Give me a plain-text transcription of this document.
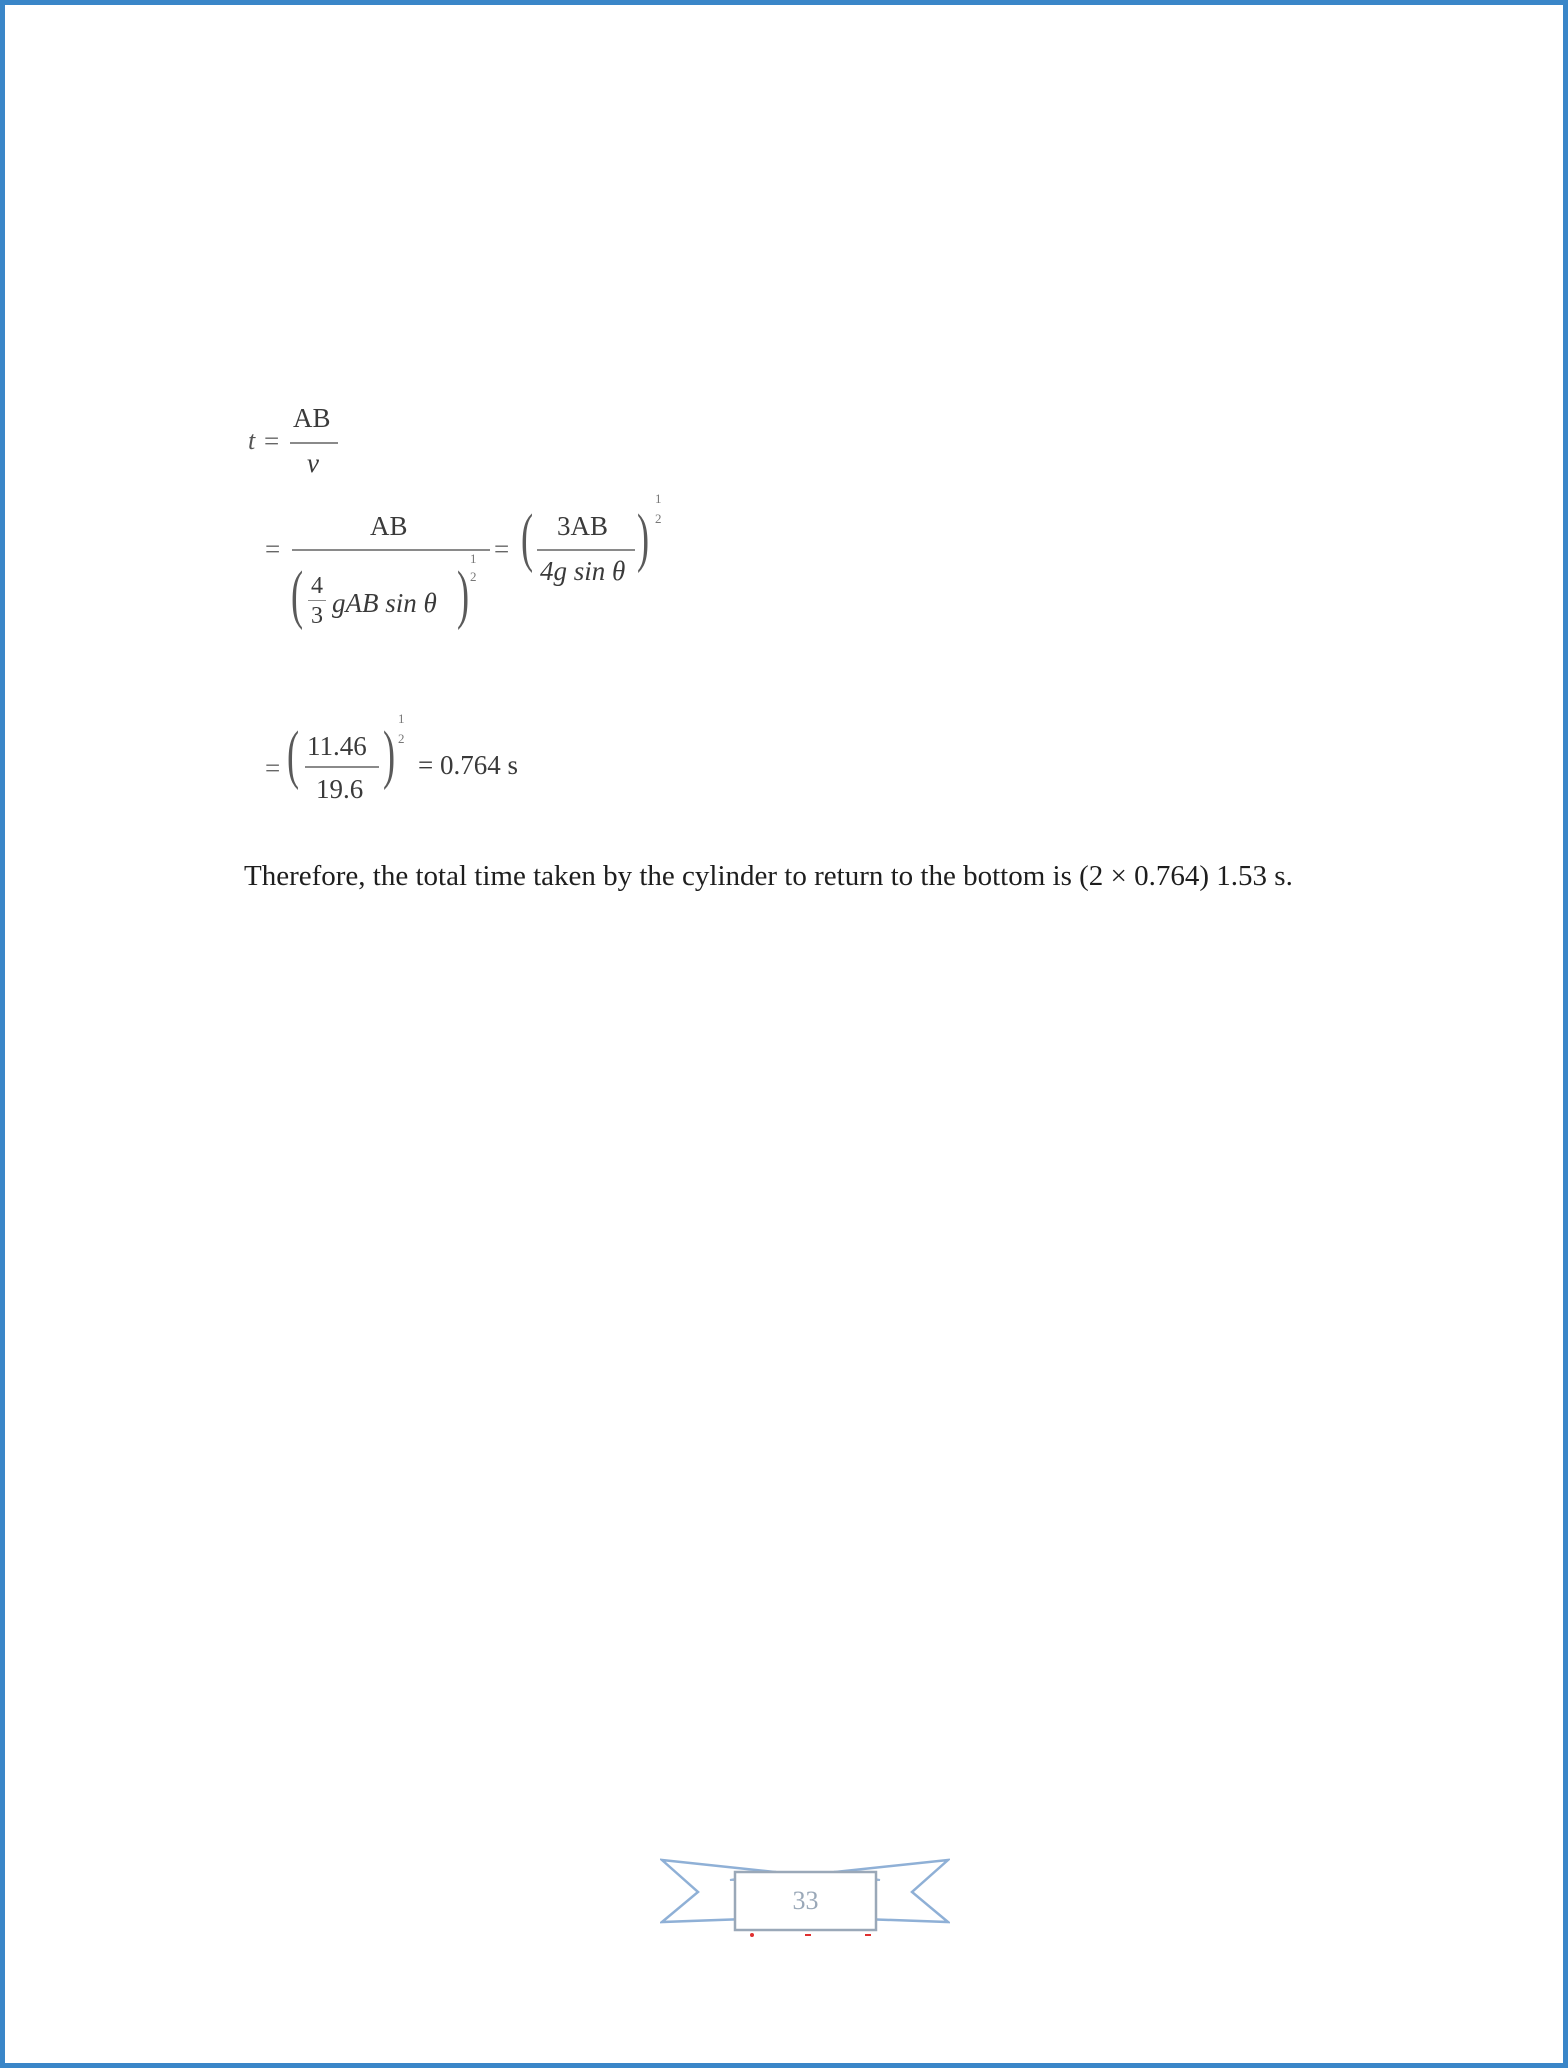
t =
AB
v
=
AB
( 4
3 gAB sin θ ) 1
2
= ( 3AB
4g sin θ )
1
2
= ( 11.46
19.6 ) 1
2
= 0.764 s

Therefore, the total time taken by the cylinder to return to the bottom is (2 × 0.764) 1.53 s.

33
